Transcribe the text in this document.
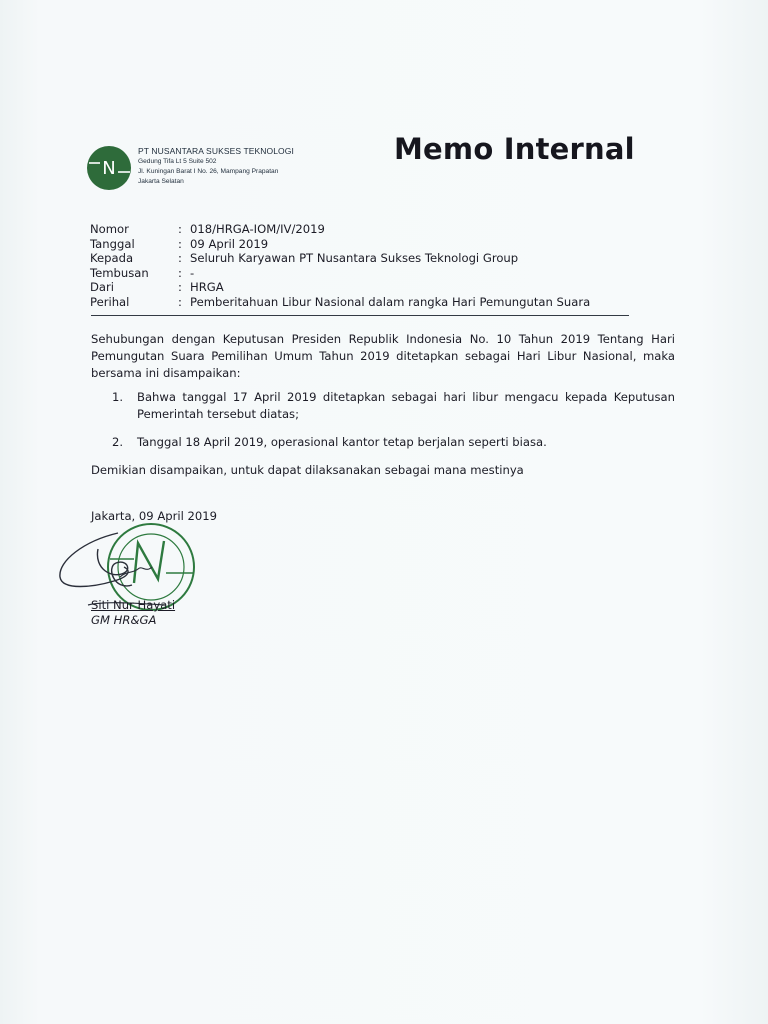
N
PT NUSANTARA SUKSES TEKNOLOGI
Gedung Tifa Lt 5 Suite 502
Jl. Kuningan Barat I No. 26, Mampang Prapatan
Jakarta Selatan
Memo Internal
Nomor	: 018/HRGA-IOM/IV/2019
Tanggal	: 09 April 2019
Kepada	: Seluruh Karyawan PT Nusantara Sukses Teknologi Group
Tembusan	: -
Dari	: HRGA
Perihal	: Pemberitahuan Libur Nasional dalam rangka Hari Pemungutan Suara
Sehubungan dengan Keputusan Presiden Republik Indonesia No. 10 Tahun 2019 Tentang Hari Pemungutan Suara Pemilihan Umum Tahun 2019 ditetapkan sebagai Hari Libur Nasional, maka bersama ini disampaikan:
1. Bahwa tanggal 17 April 2019 ditetapkan sebagai hari libur mengacu kepada Keputusan Pemerintah tersebut diatas;
2. Tanggal 18 April 2019, operasional kantor tetap berjalan seperti biasa.
Demikian disampaikan, untuk dapat dilaksanakan sebagai mana mestinya
Jakarta, 09 April 2019
Siti Nur Hayati
GM HR&GA
